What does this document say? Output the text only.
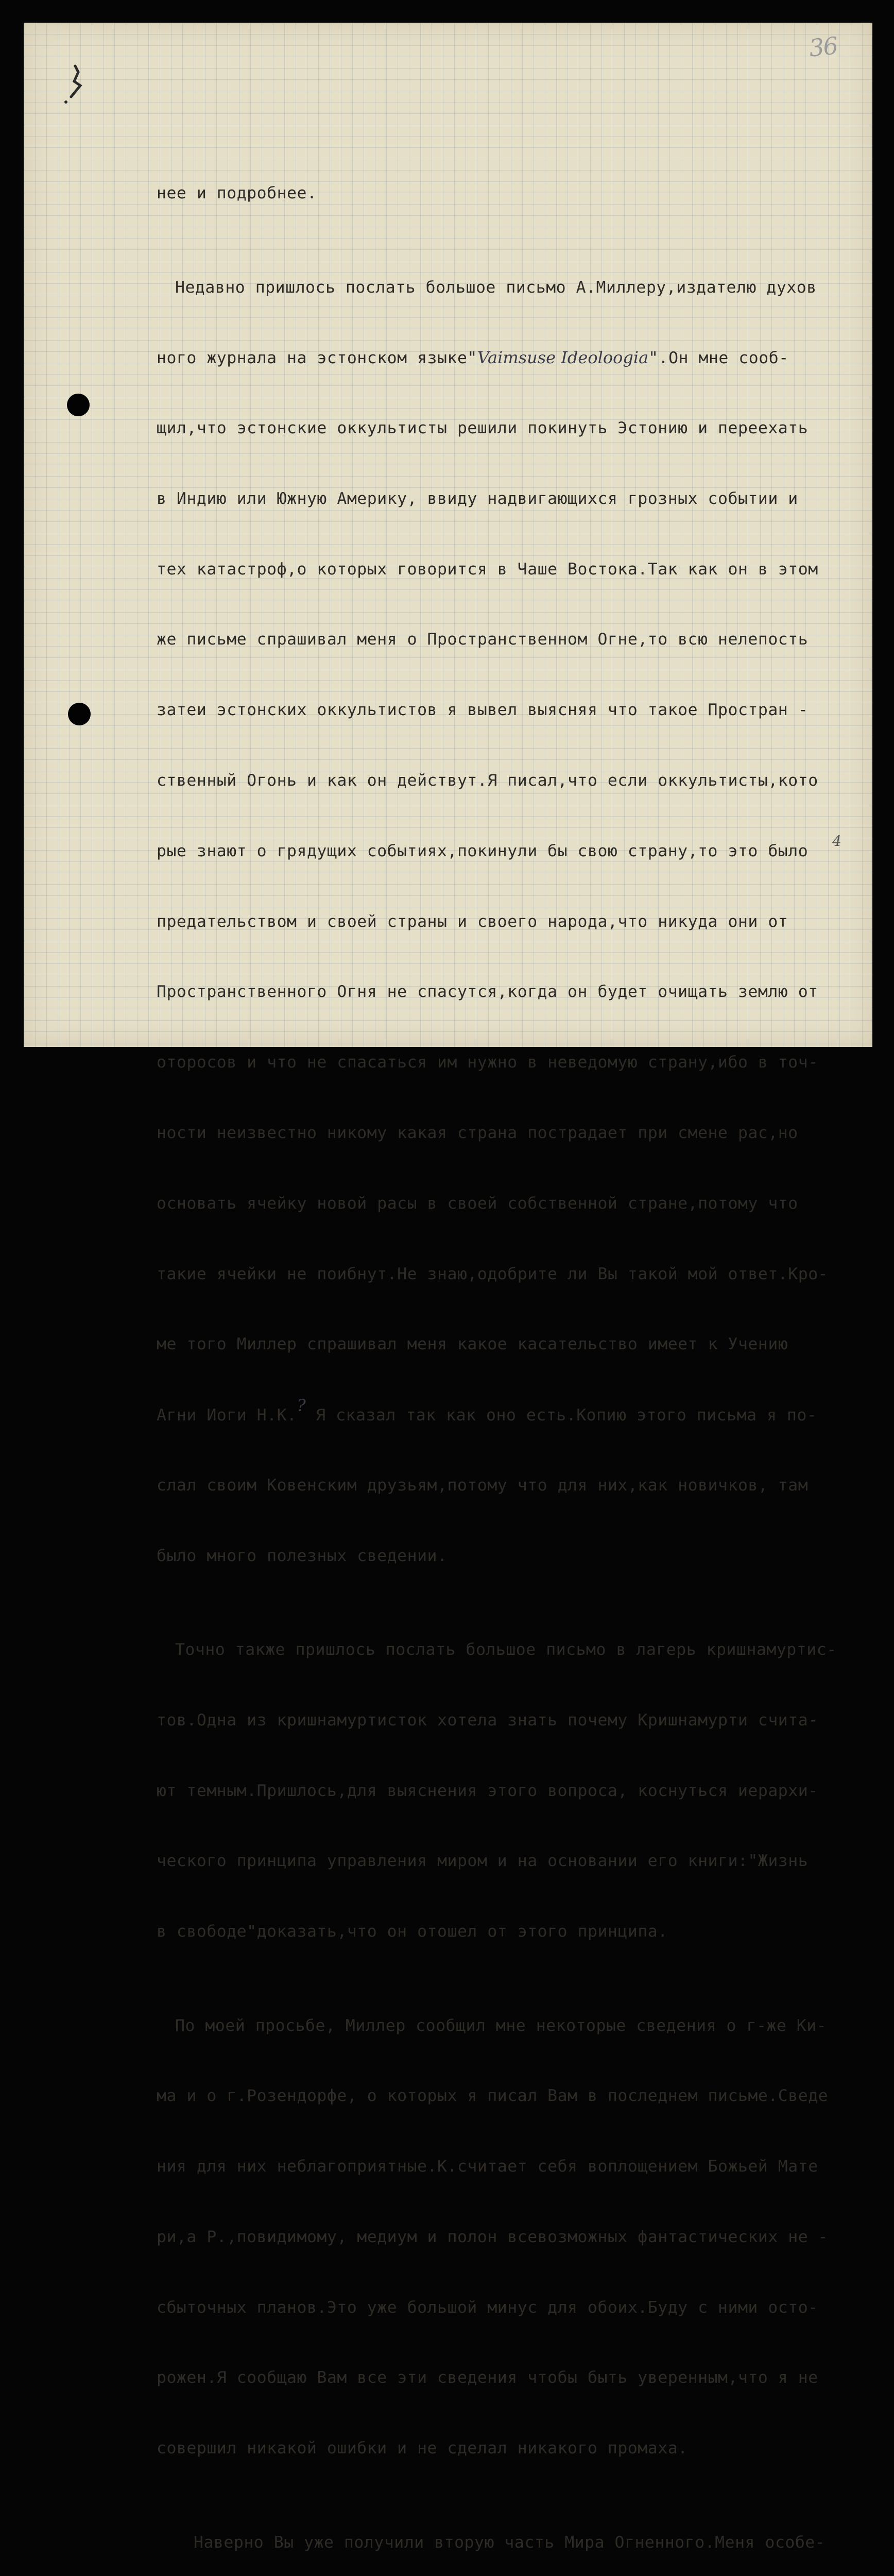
36

нее и подробнее.

Недавно пришлось послать большое письмо А.Миллеру,издателю духов

ного журнала на эстонском языке"Vaimsuse Ideoloogia".Он мне сооб-

щил,что эстонские оккультисты решили покинуть Эстонию и переехать

в Индию или Южную Америку, ввиду надвигающихся грозных событии и

тех катастроф,о которых говорится в Чаше Востока.Так как он в этом

же письме спрашивал меня о Пространственном Огне,то всю нелепость

затеи эстонских оккультистов я вывел выясняя что такое Простран -

ственный Огонь и как он действут.Я писал,что если оккультисты,кото

рые знают о грядущих событиях,покинули бы свою страну,то это было

предательством и своей страны и своего народа,что никуда они от

Пространственного Огня не спасутся,когда он будет очищать землю от

отоpосов и что не спасаться им нужно в неведомую страну,ибо в точ-

ности неизвестно никому какая страна пострадает при смене рас,но

основать ячейку новой расы в своей собственной стране,потому что

такие ячейки не поибнут.Не знаю,одобрите ли Вы такой мой ответ.Кро-

ме того Миллер спрашивал меня какое касательство имеет к Учению

Агни Иоги Н.К.? Я сказал так как оно есть.Копию этого письма я по-

слал своим Ковенским друзьям,потому что для них,как новичков, там

было много полезных сведении.

Точно также пришлось послать большое письмо в лагерь кришнамуртис-

тов.Одна из кришнамуртисток хотела знать почему Кришнамурти счита-

ют темным.Пришлось,для выяснения этого вопроса, коснуться иерархи-

ческого принципа управления миром и на основании его книги:"Жизнь

в свободе"доказать,что он отошел от этого принципа.

По моей просьбе, Миллер сообщил мне некоторые сведения о г-же Ки-

ма и о г.Розендорфе, о которых я писал Вам в последнем письме.Сведе

ния для них неблагоприятные.К.считает себя воплощением Божьей Мате

ри,а Р.,повидимому, медиум и полон всевозможных фантастических не -

сбыточных планов.Это уже большой минус для обоих.Буду с ними осто-

рожен.Я сообщаю Вам все эти сведения чтобы быть уверенным,что я не

совершил никакой ошибки и не сделал никакого промаха.

Наверно Вы уже получили вторую часть Мира Огненного.Меня особе-

4
